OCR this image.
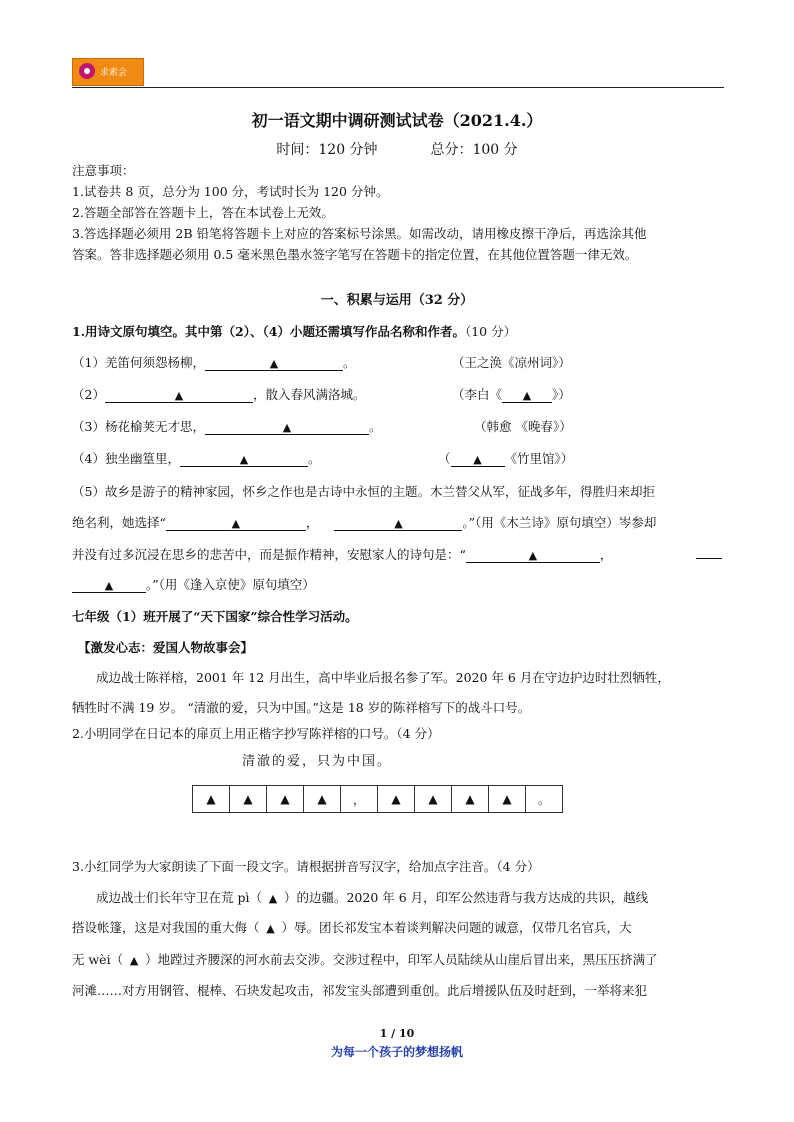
求索会
初一语文期中调研测试试卷（2021.4.）
时间：120 分钟	总分：100 分
注意事项：
1.试卷共 8 页，总分为 100 分，考试时长为 120 分钟。
2.答题全部答在答题卡上，答在本试卷上无效。
3.答选择题必须用 2B 铅笔将答题卡上对应的答案标号涂黑。如需改动，请用橡皮擦干净后，再选涂其他
答案。答非选择题必须用 0.5 毫米黑色墨水签字笔写在答题卡的指定位置，在其他位置答题一律无效。
一、积累与运用（32 分）
1.用诗文原句填空。其中第（2）、（4）小题还需填写作品名称和作者。（10 分）
（1）羌笛何须怨杨柳，	▲	。	（王之涣《凉州词》）
（2）	▲	，散入春风满洛城。	（李白《 ▲ 》）
（3）杨花榆荚无才思，	▲	。	（韩愈 《晚春》）
（4）独坐幽篁里，	▲	。	（ ▲ 《竹里馆》）
（5）故乡是游子的精神家园，怀乡之作也是古诗中永恒的主题。木兰替父从军，征战多年，得胜归来却拒
绝名利，她选择“	▲	，	▲	。”（用《木兰诗》原句填空）岑参却
并没有过多沉浸在思乡的悲苦中，而是振作精神，安慰家人的诗句是：“	▲	，
▲	。”（用《逢入京使》原句填空）
七年级（1）班开展了“天下国家”综合性学习活动。
【激发心志：爱国人物故事会】
成边战士陈祥榕，2001 年 12 月出生，高中毕业后报名参了军。2020 年 6 月在守边护边时壮烈牺牲，
牺牲时不满 19 岁。 “清澈的爱，只为中国。”这是 18 岁的陈祥榕写下的战斗口号。
2.小明同学在日记本的扉页上用正楷字抄写陈祥榕的口号。（4 分）
清澈的爱，只为中国。
▲	▲	▲	▲	，	▲	▲	▲	▲	。
3.小红同学为大家朗读了下面一段文字。请根据拼音写汉字，给加点字注音。（4 分）
成边战士们长年守卫在荒 pì（ ▲ ）的边疆。2020 年 6 月，印军公然违背与我方达成的共识，越线
搭设帐篷，这是对我国的重大侮（ ▲ ）辱。团长祁发宝本着谈判解决问题的诚意，仅带几名官兵，大
无 wèi（ ▲ ）地蹚过齐腰深的河水前去交涉。交涉过程中，印军人员陆续从山崖后冒出来，黑压压挤满了
河滩……对方用钢管、棍棒、石块发起攻击，祁发宝头部遭到重创。此后增援队伍及时赶到，一举将来犯
1 / 10
为每一个孩子的梦想扬帆
